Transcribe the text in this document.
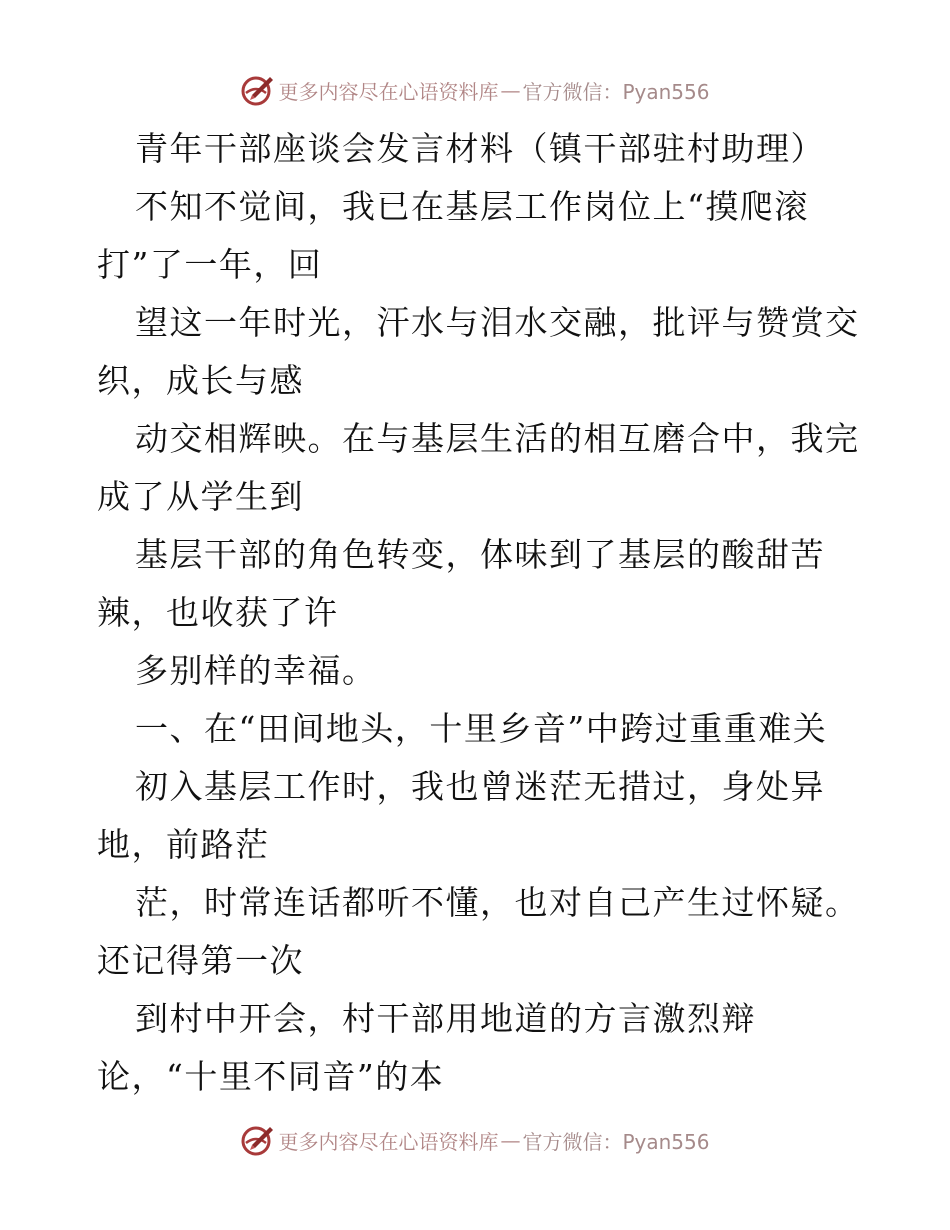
更多内容尽在心语资料库 — 官方微信：Pyan556
青年干部座谈会发言材料（镇干部驻村助理）
不知不觉间，我已在基层工作岗位上“摸爬滚
打”了一年，回
望这一年时光，汗水与泪水交融，批评与赞赏交
织，成长与感
动交相辉映。在与基层生活的相互磨合中，我完
成了从学生到
基层干部的角色转变，体味到了基层的酸甜苦
辣，也收获了许
多别样的幸福。
一、在“田间地头，十里乡音”中跨过重重难关
初入基层工作时，我也曾迷茫无措过，身处异
地，前路茫
茫，时常连话都听不懂，也对自己产生过怀疑。
还记得第一次
到村中开会，村干部用地道的方言激烈辩
论，“十里不同音”的本
更多内容尽在心语资料库 — 官方微信：Pyan556
